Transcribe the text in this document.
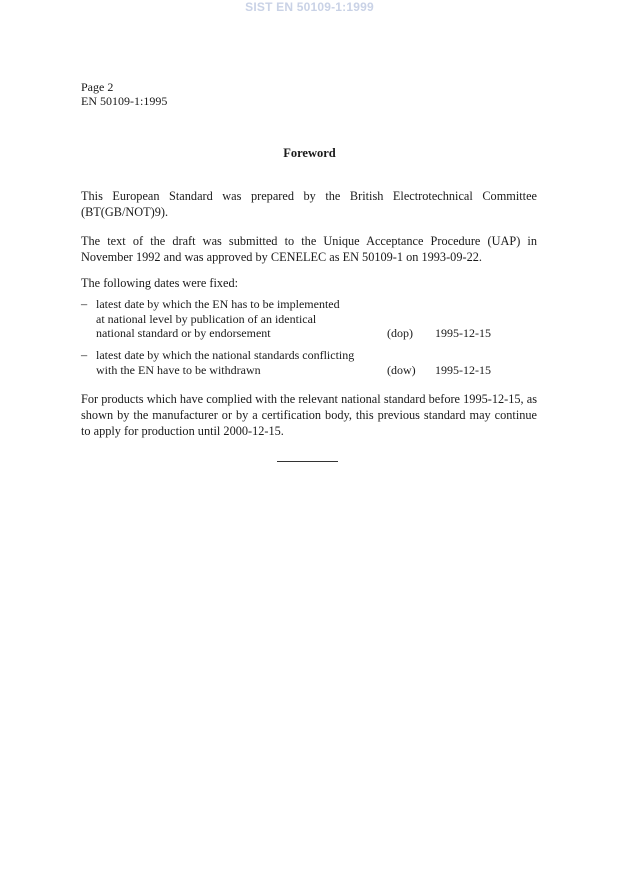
SIST EN 50109-1:1999
Page 2
EN 50109-1:1995
Foreword

This European Standard was prepared by the British Electrotechnical Committee (BT(GB/NOT)9).

The text of the draft was submitted to the Unique Acceptance Procedure (UAP) in November 1992 and was approved by CENELEC as EN 50109-1 on 1993-09-22.

The following dates were fixed:

– latest date by which the EN has to be implemented
at national level by publication of an identical
national standard or by endorsement	(dop) 1995-12-15
– latest date by which the national standards conflicting
with the EN have to be withdrawn	(dow) 1995-12-15

For products which have complied with the relevant national standard before 1995-12-15, as shown by the manufacturer or by a certification body, this previous standard may continue to apply for production until 2000-12-15.
